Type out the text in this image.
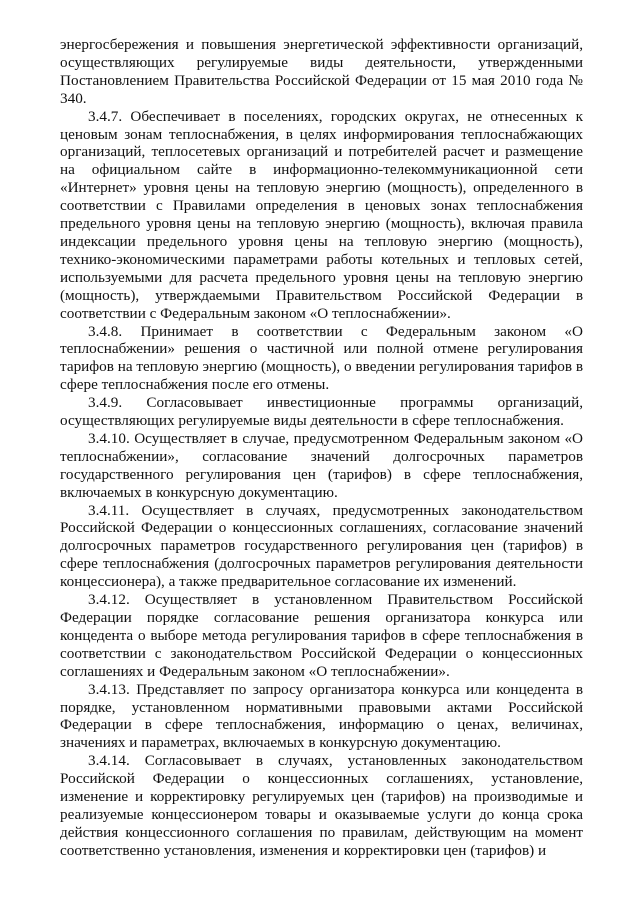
энергосбережения и повышения энергетической эффективности организаций, осуществляющих регулируемые виды деятельности, утвержденными Постановлением Правительства Российской Федерации от 15 мая 2010 года № 340.

3.4.7. Обеспечивает в поселениях, городских округах, не отнесенных к ценовым зонам теплоснабжения, в целях информирования теплоснабжающих организаций, теплосетевых организаций и потребителей расчет и размещение на официальном сайте в информационно-телекоммуникационной сети «Интернет» уровня цены на тепловую энергию (мощность), определенного в соответствии с Правилами определения в ценовых зонах теплоснабжения предельного уровня цены на тепловую энергию (мощность), включая правила индексации предельного уровня цены на тепловую энергию (мощность), технико-экономическими параметрами работы котельных и тепловых сетей, используемыми для расчета предельного уровня цены на тепловую энергию (мощность), утверждаемыми Правительством Российской Федерации в соответствии с Федеральным законом «О теплоснабжении».

3.4.8. Принимает в соответствии с Федеральным законом «О теплоснабжении» решения о частичной или полной отмене регулирования тарифов на тепловую энергию (мощность), о введении регулирования тарифов в сфере теплоснабжения после его отмены.

3.4.9. Согласовывает инвестиционные программы организаций, осуществляющих регулируемые виды деятельности в сфере теплоснабжения.

3.4.10. Осуществляет в случае, предусмотренном Федеральным законом «О теплоснабжении», согласование значений долгосрочных параметров государственного регулирования цен (тарифов) в сфере теплоснабжения, включаемых в конкурсную документацию.

3.4.11. Осуществляет в случаях, предусмотренных законодательством Российской Федерации о концессионных соглашениях, согласование значений долгосрочных параметров государственного регулирования цен (тарифов) в сфере теплоснабжения (долгосрочных параметров регулирования деятельности концессионера), а также предварительное согласование их изменений.

3.4.12. Осуществляет в установленном Правительством Российской Федерации порядке согласование решения организатора конкурса или концедента о выборе метода регулирования тарифов в сфере теплоснабжения в соответствии с законодательством Российской Федерации о концессионных соглашениях и Федеральным законом «О теплоснабжении».

3.4.13. Представляет по запросу организатора конкурса или концедента в порядке, установленном нормативными правовыми актами Российской Федерации в сфере теплоснабжения, информацию о ценах, величинах, значениях и параметрах, включаемых в конкурсную документацию.

3.4.14. Согласовывает в случаях, установленных законодательством Российской Федерации о концессионных соглашениях, установление, изменение и корректировку регулируемых цен (тарифов) на производимые и реализуемые концессионером товары и оказываемые услуги до конца срока действия концессионного соглашения по правилам, действующим на момент соответственно установления, изменения и корректировки цен (тарифов) и
